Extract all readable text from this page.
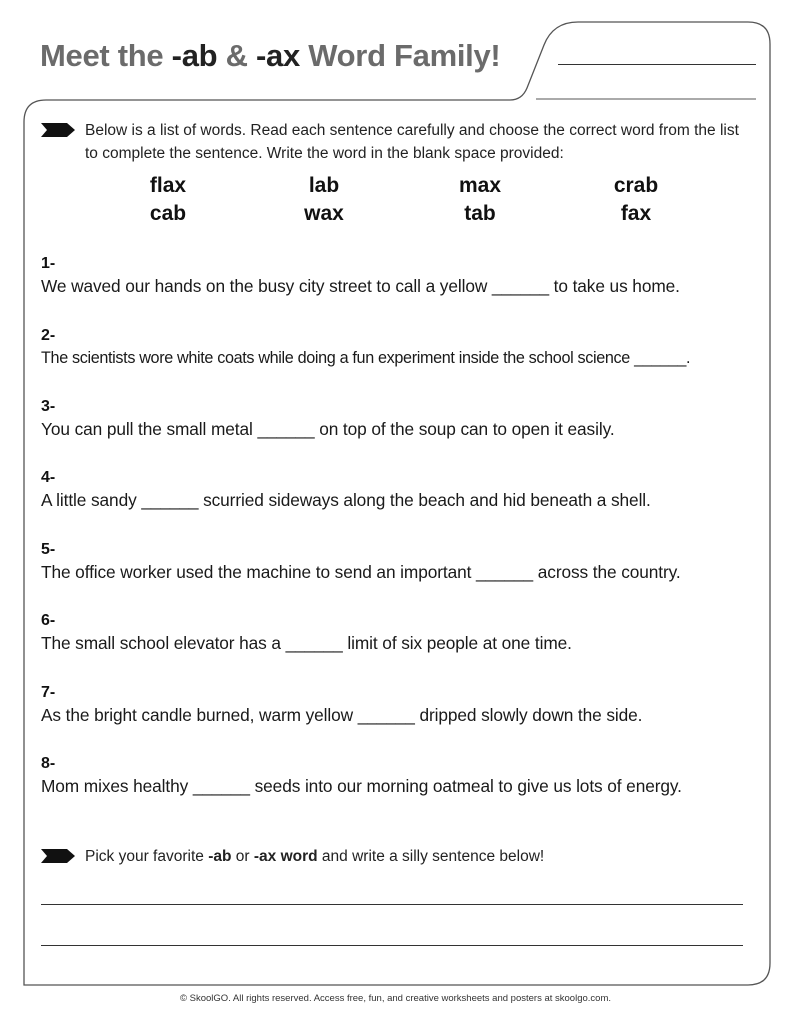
Meet the -ab & -ax Word Family!
Below is a list of words. Read each sentence carefully and choose the correct word from the list to complete the sentence. Write the word in the blank space provided:
flax	lab	max	crab
cab	wax	tab	fax
1-
We waved our hands on the busy city street to call a yellow ______ to take us home.
2-
The scientists wore white coats while doing a fun experiment inside the school science ______.
3-
You can pull the small metal ______ on top of the soup can to open it easily.
4-
A little sandy ______ scurried sideways along the beach and hid beneath a shell.
5-
The office worker used the machine to send an important ______ across the country.
6-
The small school elevator has a ______ limit of six people at one time.
7-
As the bright candle burned, warm yellow ______ dripped slowly down the side.
8-
Mom mixes healthy ______ seeds into our morning oatmeal to give us lots of energy.
Pick your favorite -ab or -ax word and write a silly sentence below!
© SkoolGO. All rights reserved. Access free, fun, and creative worksheets and posters at skoolgo.com.
